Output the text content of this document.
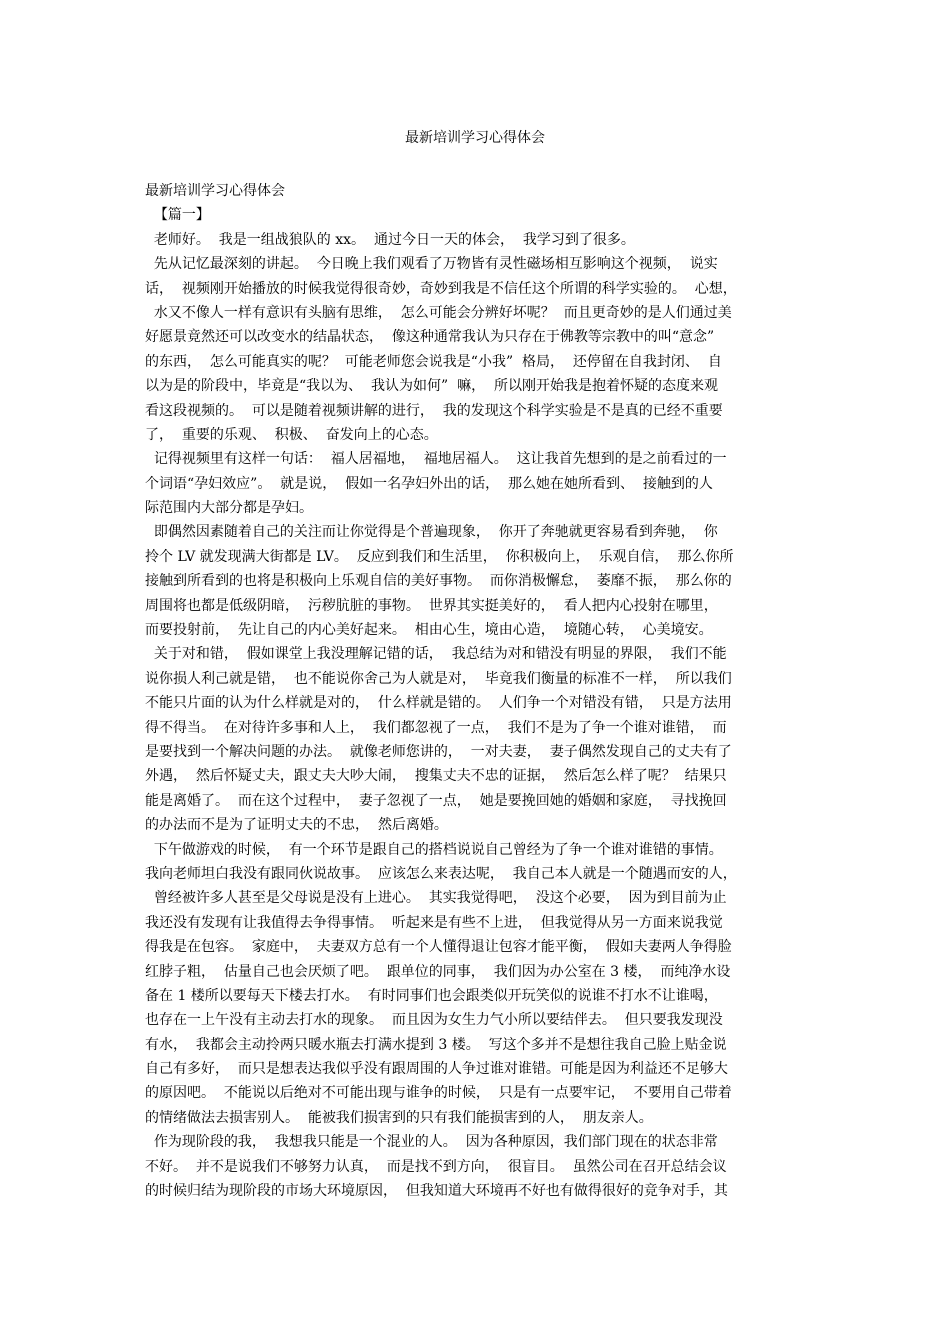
最新培训学习心得体会
最新培训学习心得体会
【篇一】
老师好。  我是一组战狼队的 xx。  通过今日一天的体会，  我学习到了很多。
先从记忆最深刻的讲起。  今日晚上我们观看了万物皆有灵性磁场相互影响这个视频，  说实
话，  视频刚开始播放的时候我觉得很奇妙，奇妙到我是不信任这个所谓的科学实验的。  心想，
水又不像人一样有意识有头脑有思维，  怎么可能会分辨好坏呢？  而且更奇妙的是人们通过美
好愿景竟然还可以改变水的结晶状态，  像这种通常我认为只存在于佛教等宗教中的叫“意念”
的东西，  怎么可能真实的呢？  可能老师您会说我是“小我”  格局，  还停留在自我封闭、  自
以为是的阶段中，毕竟是“我以为、  我认为如何”  嘛，  所以刚开始我是抱着怀疑的态度来观
看这段视频的。  可以是随着视频讲解的进行，  我的发现这个科学实验是不是真的已经不重要
了，  重要的乐观、  积极、  奋发向上的心态。
记得视频里有这样一句话：  福人居福地，  福地居福人。  这让我首先想到的是之前看过的一
个词语“孕妇效应”。  就是说，  假如一名孕妇外出的话，  那么她在她所看到、  接触到的人
际范围内大部分都是孕妇。
即偶然因素随着自己的关注而让你觉得是个普遍现象，  你开了奔驰就更容易看到奔驰，  你
拎个 LV 就发现满大街都是 LV。  反应到我们和生活里，  你积极向上，  乐观自信，  那么你所
接触到所看到的也将是积极向上乐观自信的美好事物。  而你消极懈怠，  萎靡不振，  那么你的
周围将也都是低级阴暗，  污秽肮脏的事物。  世界其实挺美好的，  看人把内心投射在哪里，
而要投射前，  先让自己的内心美好起来。  相由心生，境由心造，  境随心转，  心美境安。
关于对和错，  假如课堂上我没理解记错的话，  我总结为对和错没有明显的界限，  我们不能
说你损人利己就是错，  也不能说你舍己为人就是对，  毕竟我们衡量的标准不一样，  所以我们
不能只片面的认为什么样就是对的，  什么样就是错的。  人们争一个对错没有错，  只是方法用
得不得当。  在对待许多事和人上，  我们都忽视了一点，  我们不是为了争一个谁对谁错，  而
是要找到一个解决问题的办法。  就像老师您讲的，  一对夫妻，  妻子偶然发现自己的丈夫有了
外遇，  然后怀疑丈夫，跟丈夫大吵大闹，  搜集丈夫不忠的证据，  然后怎么样了呢？  结果只
能是离婚了。  而在这个过程中，  妻子忽视了一点，  她是要挽回她的婚姻和家庭，  寻找挽回
的办法而不是为了证明丈夫的不忠，  然后离婚。
下午做游戏的时候，  有一个环节是跟自己的搭档说说自己曾经为了争一个谁对谁错的事情。
我向老师坦白我没有跟同伙说故事。  应该怎么来表达呢，  我自己本人就是一个随遇而安的人，
曾经被许多人甚至是父母说是没有上进心。  其实我觉得吧，  没这个必要，  因为到目前为止
我还没有发现有让我值得去争得事情。  听起来是有些不上进，  但我觉得从另一方面来说我觉
得我是在包容。  家庭中，  夫妻双方总有一个人懂得退让包容才能平衡，  假如夫妻两人争得脸
红脖子粗，  估量自己也会厌烦了吧。  跟单位的同事，  我们因为办公室在 3 楼，  而纯净水设
备在 1 楼所以要每天下楼去打水。  有时同事们也会跟类似开玩笑似的说谁不打水不让谁喝，
也存在一上午没有主动去打水的现象。  而且因为女生力气小所以要结伴去。  但只要我发现没
有水，  我都会主动拎两只暖水瓶去打满水提到 3 楼。  写这个多并不是想往我自己脸上贴金说
自己有多好，  而只是想表达我似乎没有跟周围的人争过谁对谁错。可能是因为利益还不足够大
的原因吧。  不能说以后绝对不可能出现与谁争的时候，  只是有一点要牢记，  不要用自己带着
的情绪做法去损害别人。  能被我们损害到的只有我们能损害到的人，  朋友亲人。
作为现阶段的我，  我想我只能是一个混业的人。  因为各种原因，我们部门现在的状态非常
不好。  并不是说我们不够努力认真，  而是找不到方向，  很盲目。  虽然公司在召开总结会议
的时候归结为现阶段的市场大环境原因，  但我知道大环境再不好也有做得很好的竞争对手，其
